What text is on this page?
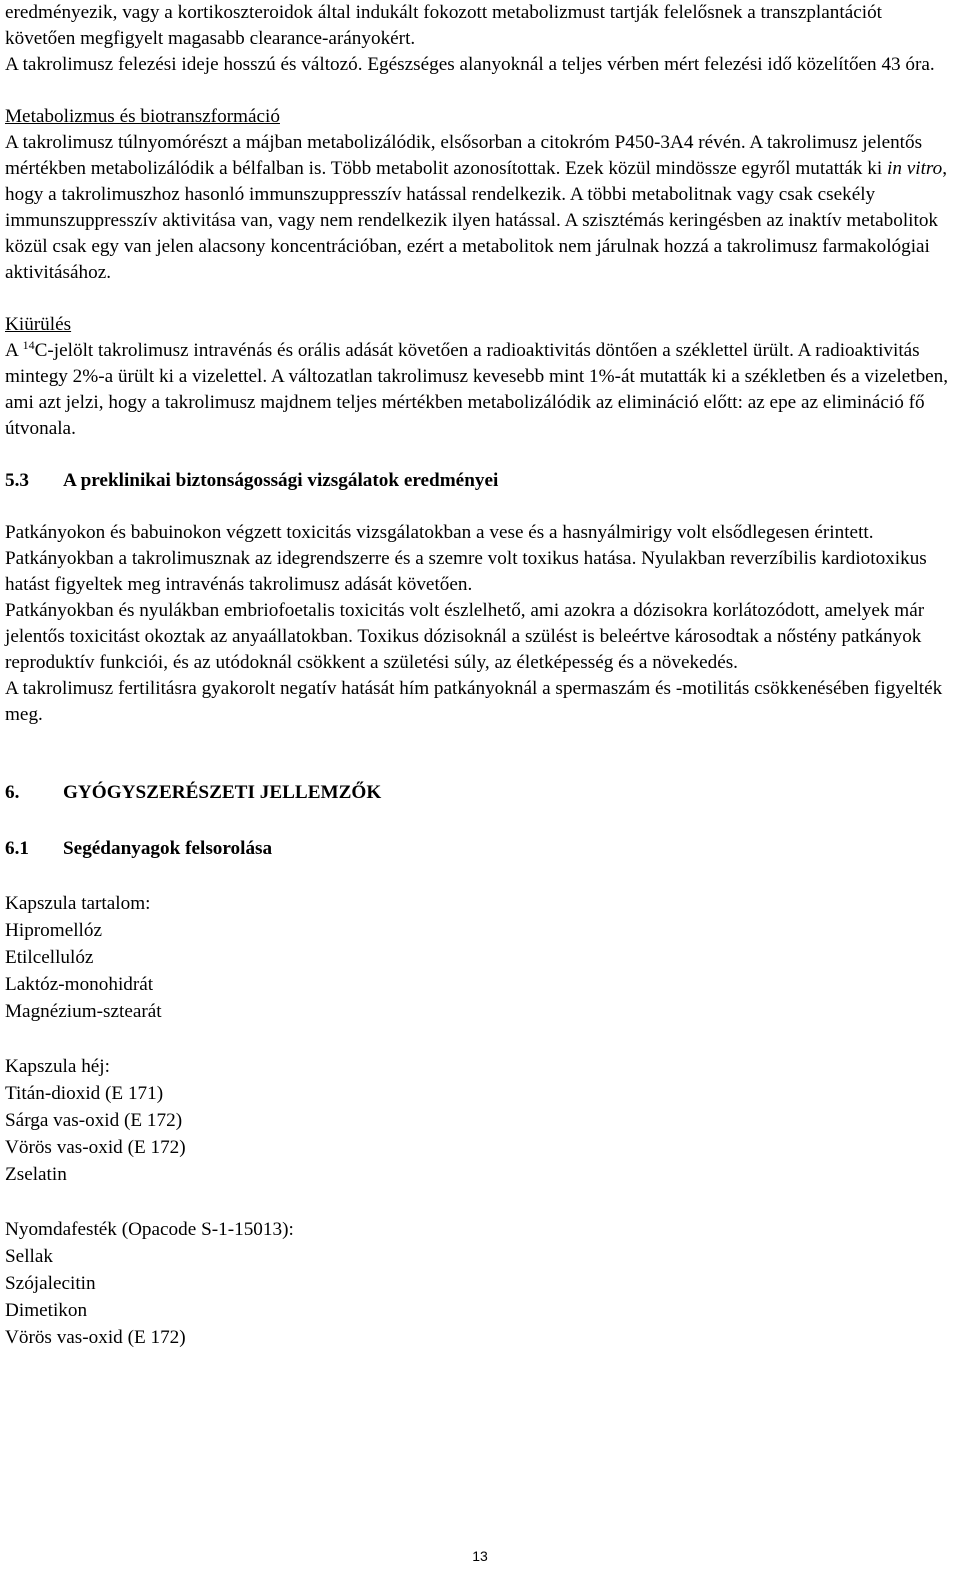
eredményezik, vagy a kortikoszteroidok által indukált fokozott metabolizmust tartják felelősnek a transzplantációt követően megfigyelt magasabb clearance-arányokért.

A takrolimusz felezési ideje hosszú és változó. Egészséges alanyoknál a teljes vérben mért felezési idő közelítően 43 óra.

Metabolizmus és biotranszformáció

A takrolimusz túlnyomórészt a májban metabolizálódik, elsősorban a citokróm P450-3A4 révén. A takrolimusz jelentős mértékben metabolizálódik a bélfalban is. Több metabolit azonosítottak. Ezek közül mindössze egyről mutatták ki in vitro, hogy a takrolimuszhoz hasonló immunszuppresszív hatással rendelkezik. A többi metabolitnak vagy csak csekély immunszuppresszív aktivitása van, vagy nem rendelkezik ilyen hatással. A szisztémás keringésben az inaktív metabolitok közül csak egy van jelen alacsony koncentrációban, ezért a metabolitok nem járulnak hozzá a takrolimusz farmakológiai aktivitásához.

Kiürülés

A $^{14}$C-jelölt takrolimusz intravénás és orális adását követően a radioaktivitás döntően a széklettel ürült. A radioaktivitás mintegy 2%-a ürült ki a vizelettel. A változatlan takrolimusz kevesebb mint 1%-át mutatták ki a székletben és a vizeletben, ami azt jelzi, hogy a takrolimusz majdnem teljes mértékben metabolizálódik az elimináció előtt: az epe az elimináció fő útvonala.

5.3	A preklinikai biztonságossági vizsgálatok eredményei

Patkányokon és babuinokon végzett toxicitás vizsgálatokban a vese és a hasnyálmirigy volt elsődlegesen érintett. Patkányokban a takrolimusznak az idegrendszerre és a szemre volt toxikus hatása. Nyulakban reverzíbilis kardiotoxikus hatást figyeltek meg intravénás takrolimusz adását követően.

Patkányokban és nyulákban embriofoetalis toxicitás volt észlelhető, ami azokra a dózisokra korlátozódott, amelyek már jelentős toxicitást okoztak az anyaállatokban. Toxikus dózisoknál a szülést is beleértve károsodtak a nőstény patkányok reproduktív funkciói, és az utódoknál csökkent a születési súly, az életképesség és a növekedés.

A takrolimusz fertilitásra gyakorolt negatív hatását hím patkányoknál a spermaszám és -motilitás csökkenésében figyelték meg.

6.	GYÓGYSZERÉSZETI JELLEMZŐK

6.1	Segédanyagok felsorolása

Kapszula tartalom:

Hipromellóz

Etilcellulóz

Laktóz-monohidrát

Magnézium-sztearát

Kapszula héj:

Titán-dioxid (E 171)

Sárga vas-oxid (E 172)

Vörös vas-oxid (E 172)

Zselatin

Nyomdafesték (Opacode S-1-15013):

Sellak

Szójalecitin

Dimetikon

Vörös vas-oxid (E 172)

13
